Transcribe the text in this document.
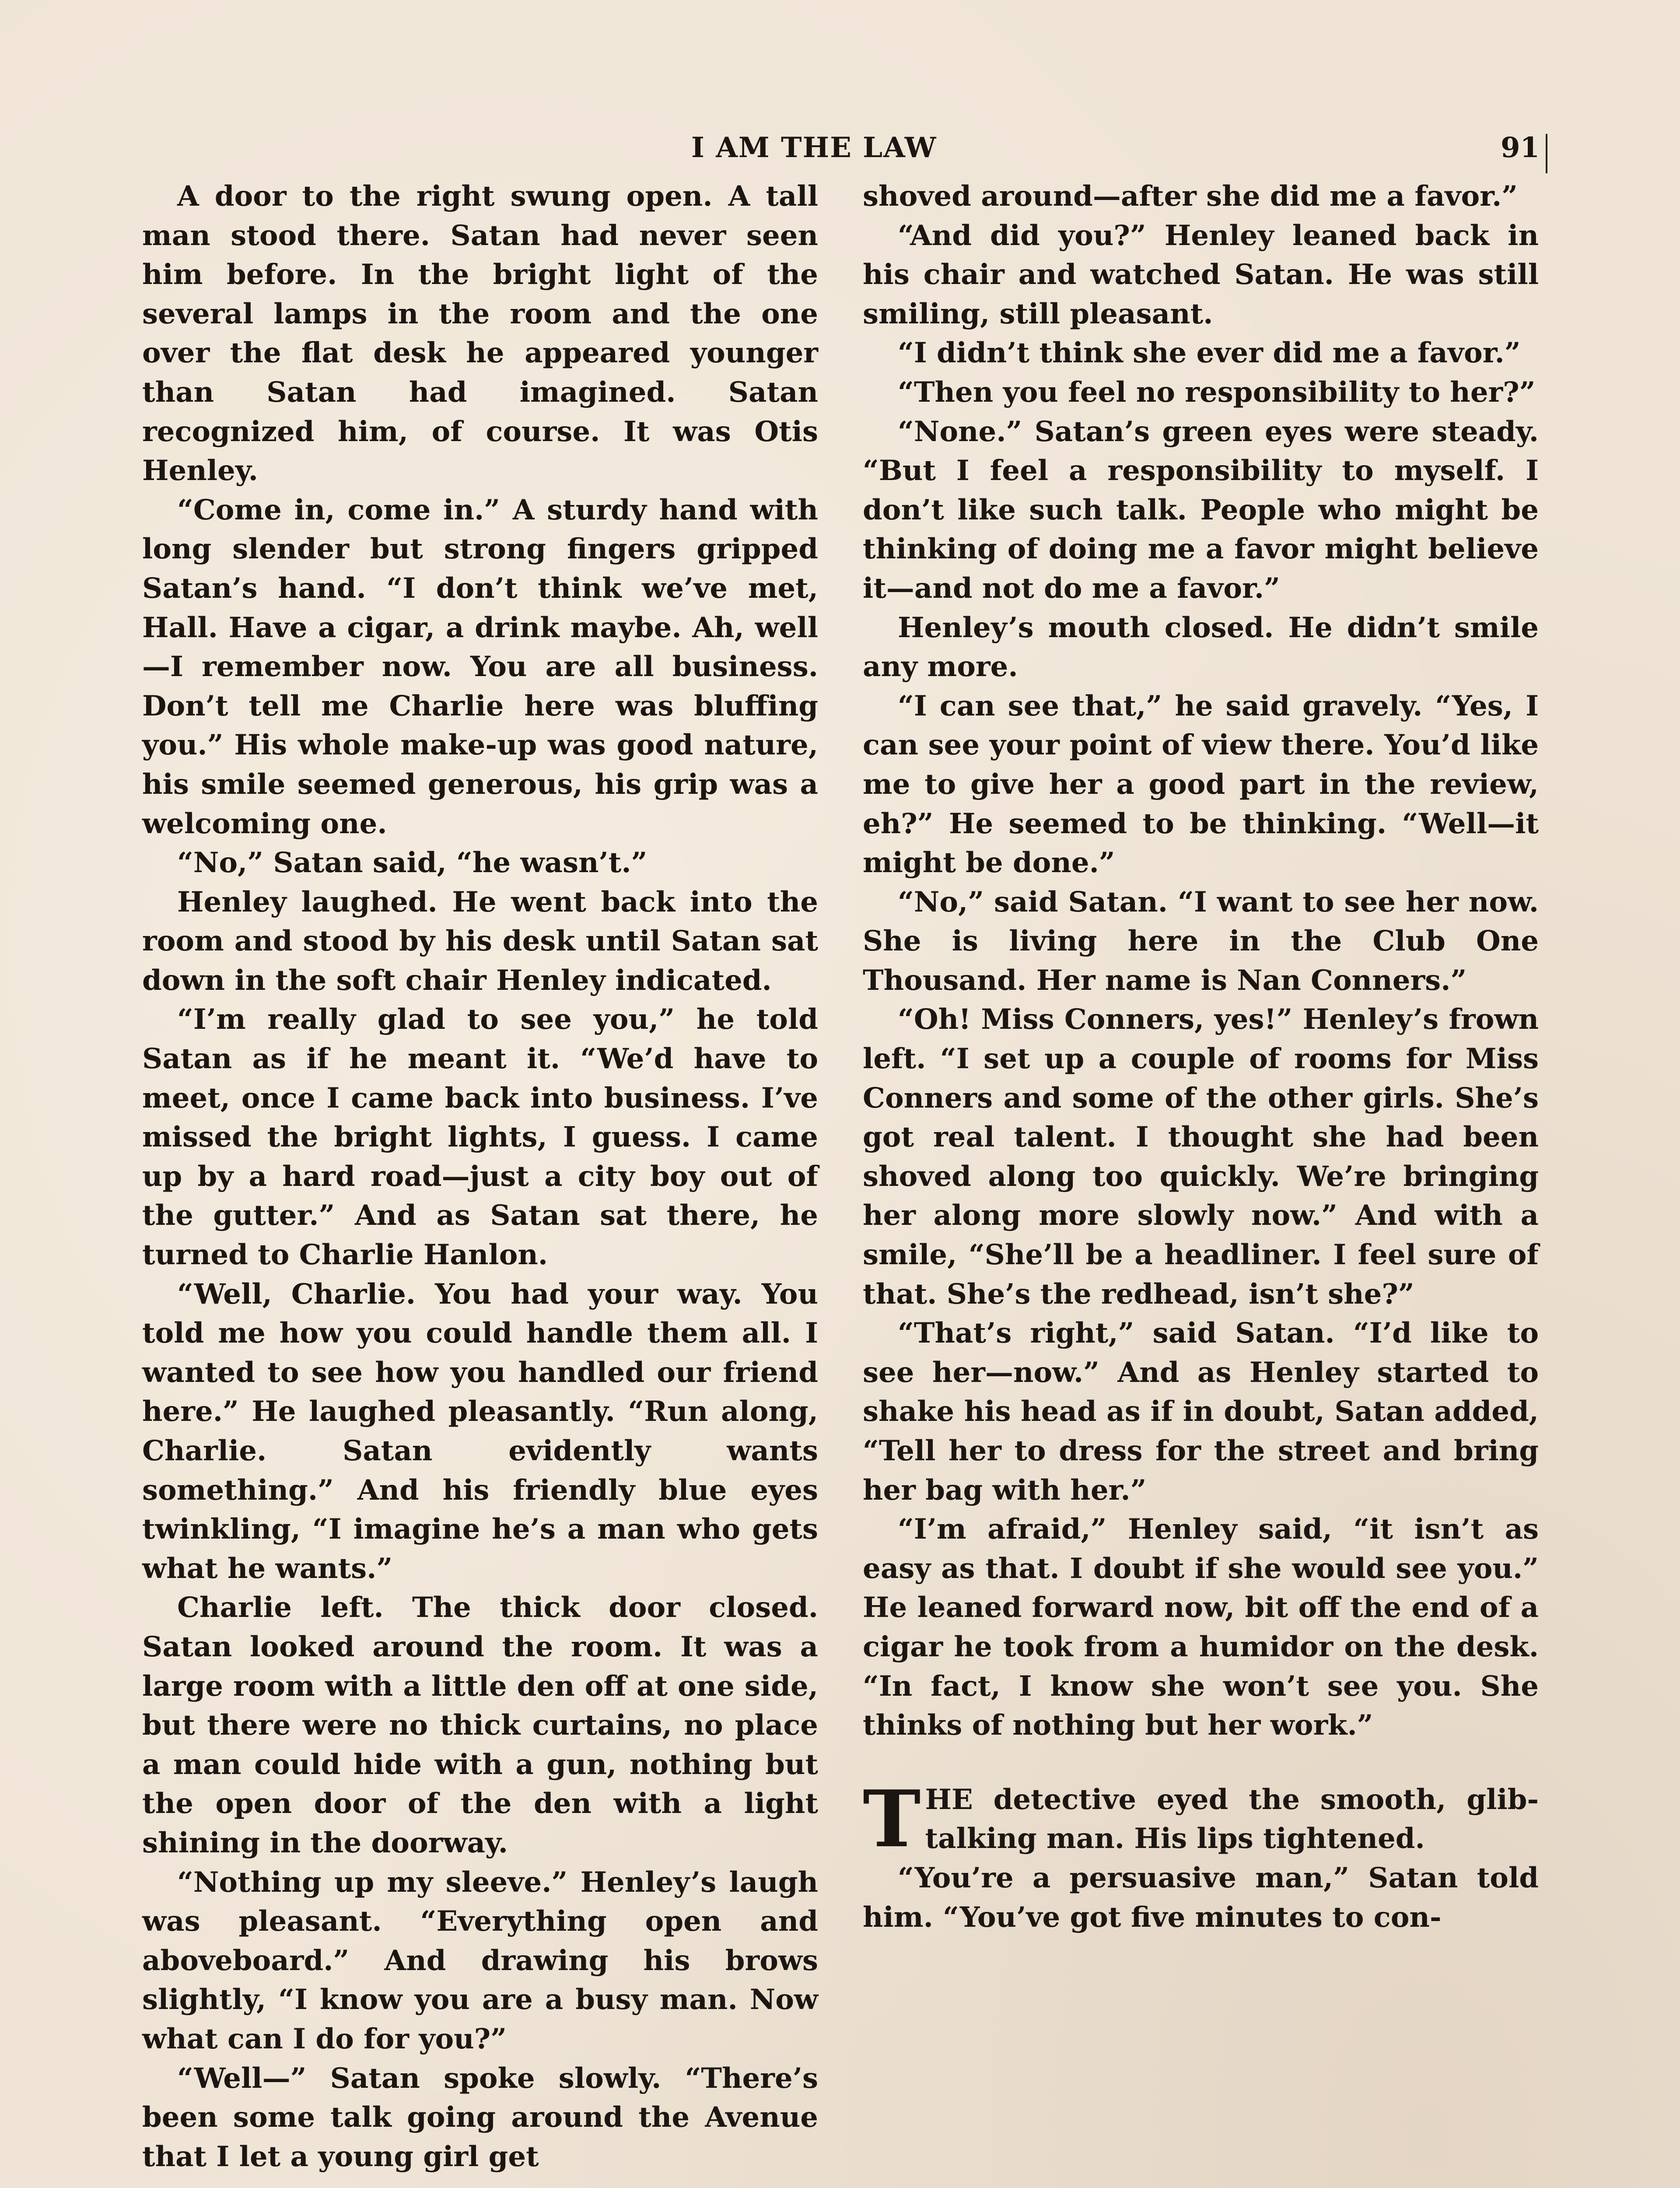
I AM THE LAW	91

A door to the right swung open. A tall man stood there. Satan had never seen him before. In the bright light of the several lamps in the room and the one over the flat desk he appeared younger than Satan had imagined. Satan recognized him, of course. It was Otis Henley.

“Come in, come in.” A sturdy hand with long slender but strong fingers gripped Satan’s hand. “I don’t think we’ve met, Hall. Have a cigar, a drink maybe. Ah, well—I remember now. You are all business. Don’t tell me Charlie here was bluffing you.” His whole make-up was good nature, his smile seemed generous, his grip was a welcoming one.

“No,” Satan said, “he wasn’t.”

Henley laughed. He went back into the room and stood by his desk until Satan sat down in the soft chair Henley indicated.

“I’m really glad to see you,” he told Satan as if he meant it. “We’d have to meet, once I came back into business. I’ve missed the bright lights, I guess. I came up by a hard road—just a city boy out of the gutter.” And as Satan sat there, he turned to Charlie Hanlon.

“Well, Charlie. You had your way. You told me how you could handle them all. I wanted to see how you handled our friend here.” He laughed pleasantly. “Run along, Charlie. Satan evidently wants something.” And his friendly blue eyes twinkling, “I imagine he’s a man who gets what he wants.”

Charlie left. The thick door closed. Satan looked around the room. It was a large room with a little den off at one side, but there were no thick curtains, no place a man could hide with a gun, nothing but the open door of the den with a light shining in the doorway.

“Nothing up my sleeve.” Henley’s laugh was pleasant. “Everything open and aboveboard.” And drawing his brows slightly, “I know you are a busy man. Now what can I do for you?”

“Well—” Satan spoke slowly. “There’s been some talk going around the Avenue that I let a young girl get

shoved around—after she did me a favor.”

“And did you?” Henley leaned back in his chair and watched Satan. He was still smiling, still pleasant.

“I didn’t think she ever did me a favor.”

“Then you feel no responsibility to her?”

“None.” Satan’s green eyes were steady. “But I feel a responsibility to myself. I don’t like such talk. People who might be thinking of doing me a favor might believe it—and not do me a favor.”

Henley’s mouth closed. He didn’t smile any more.

“I can see that,” he said gravely. “Yes, I can see your point of view there. You’d like me to give her a good part in the review, eh?” He seemed to be thinking. “Well—it might be done.”

“No,” said Satan. “I want to see her now. She is living here in the Club One Thousand. Her name is Nan Conners.”

“Oh! Miss Conners, yes!” Henley’s frown left. “I set up a couple of rooms for Miss Conners and some of the other girls. She’s got real talent. I thought she had been shoved along too quickly. We’re bringing her along more slowly now.” And with a smile, “She’ll be a headliner. I feel sure of that. She’s the redhead, isn’t she?”

“That’s right,” said Satan. “I’d like to see her—now.” And as Henley started to shake his head as if in doubt, Satan added, “Tell her to dress for the street and bring her bag with her.”

“I’m afraid,” Henley said, “it isn’t as easy as that. I doubt if she would see you.” He leaned forward now, bit off the end of a cigar he took from a humidor on the desk. “In fact, I know she won’t see you. She thinks of nothing but her work.”

THE detective eyed the smooth, glib-talking man. His lips tightened.

“You’re a persuasive man,” Satan told him. “You’ve got five minutes to con-
